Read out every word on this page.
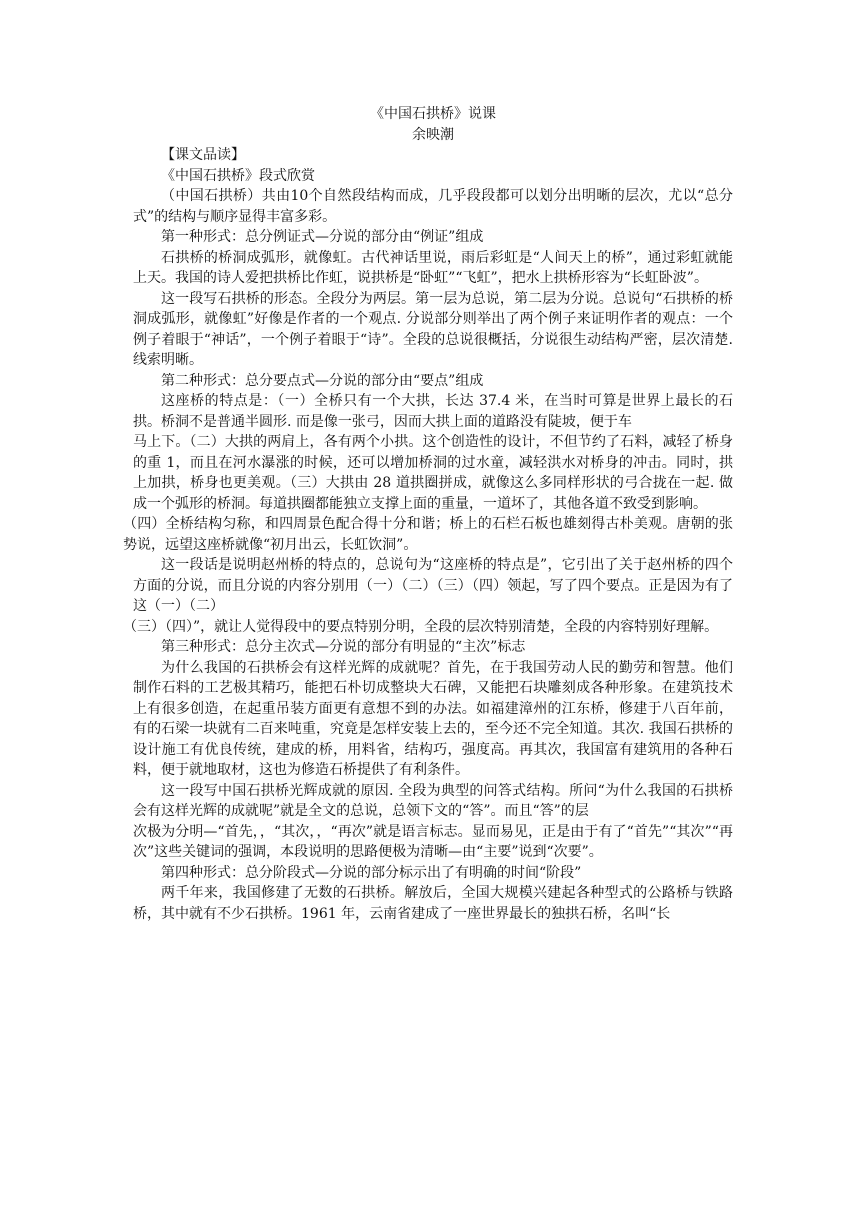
《中国石拱桥》说课

余映潮

【课文品读】

《中国石拱桥》段式欣赏

（中国石拱桥）共由10个自然段结构而成，几乎段段都可以划分出明晰的层次，尤以“总分式”的结构与顺序显得丰富多彩。

第一种形式：总分例证式—分说的部分由“例证”组成

石拱桥的桥洞成弧形，就像虹。古代神话里说，雨后彩虹是“人间天上的桥”，通过彩虹就能上天。我国的诗人爱把拱桥比作虹，说拱桥是“卧虹”“飞虹”，把水上拱桥形容为“长虹卧波”。

这一段写石拱桥的形态。全段分为两层。第一层为总说，第二层为分说。总说句“石拱桥的桥洞成弧形，就像虹”好像是作者的一个观点. 分说部分则举出了两个例子来证明作者的观点：一个例子着眼于“神话”，一个例子着眼于“诗”。全段的总说很概括，分说很生动结构严密，层次清楚. 线索明晰。

第二种形式：总分要点式—分说的部分由“要点”组成

这座桥的特点是：（一）全桥只有一个大拱，长达 37.4 米，在当时可算是世界上最长的石拱。桥洞不是普通半圆形. 而是像一张弓，因而大拱上面的道路没有陡坡，便于车

马上下。（二）大拱的两肩上，各有两个小拱。这个创造性的设计，不但节约了石料，减轻了桥身的重 1，而且在河水瀑涨的时候，还可以增加桥洞的过水童，减轻洪水对桥身的冲击。同时，拱上加拱，桥身也更美观。（三）大拱由 28 道拱圈拼成，就像这么多同样形状的弓合拢在一起. 做成一个弧形的桥洞。每道拱圈都能独立支撑上面的重量，一道坏了，其他各道不致受到影响。

（四）全桥结构匀称，和四周景色配合得十分和谐；桥上的石栏石板也雄刻得古朴美观。唐朝的张势说，远望这座桥就像“初月出云，长虹饮洞”。

这一段话是说明赵州桥的特点的，总说句为“这座桥的特点是”，它引出了关于赵州桥的四个方面的分说，而且分说的内容分别用（一）（二）（三）（四）领起，写了四个要点。正是因为有了这（一）（二）

（三）（四）”，就让人觉得段中的要点特别分明，全段的层次特别清楚，全段的内容特别好理解。

第三种形式：总分主次式—分说的部分有明显的“主次”标志

为什么我国的石拱桥会有这样光辉的成就呢？首先，在于我国劳动人民的勤劳和智慧。他们制作石料的工艺极其精巧，能把石朴切成整块大石碑，又能把石块雕刻成各种形象。在建筑技术上有很多创造，在起重吊装方面更有意想不到的办法。如福建漳州的江东桥，修建于八百年前，有的石梁一块就有二百来吨重，究竟是怎样安装上去的，至今还不完全知道。其次. 我国石拱桥的设计施工有优良传统，建成的桥，用料省，结构巧，强度高。再其次，我国富有建筑用的各种石料，便于就地取材，这也为修造石桥提供了有利条件。

这一段写中国石拱桥光辉成就的原因. 全段为典型的问答式结构。所问“为什么我国的石拱桥会有这样光辉的成就呢”就是全文的总说，总领下文的“答”。而且“答”的层

次极为分明—“首先，，“其次，，“再次”就是语言标志。显而易见，正是由于有了“首先”“其次”“再次”这些关键词的强调，本段说明的思路便极为清晰—由“主要”说到“次要”。

第四种形式：总分阶段式—分说的部分标示出了有明确的时间“阶段”

两千年来，我国修建了无数的石拱桥。解放后，全国大规模兴建起各种型式的公路桥与铁路桥，其中就有不少石拱桥。1961 年，云南省建成了一座世界最长的独拱石桥，名叫“长
